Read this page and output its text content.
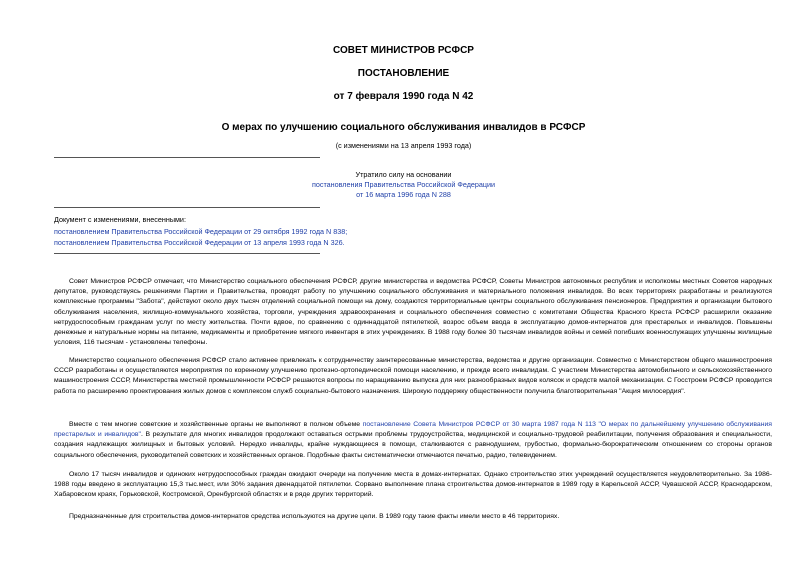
СОВЕТ МИНИСТРОВ РСФСР
ПОСТАНОВЛЕНИЕ
от 7 февраля 1990 года N 42
О мерах по улучшению социального обслуживания инвалидов в РСФСР
(с изменениями на 13 апреля 1993 года)
Утратило силу на основании
постановления Правительства Российской Федерации
от 16 марта 1996 года N 288
Документ с изменениями, внесенными:
постановлением Правительства Российской Федерации от 29 октября 1992 года N 838;
постановлением Правительства Российской Федерации от 13 апреля 1993 года N 326.

Совет Министров РСФСР отмечает, что Министерство социального обеспечения РСФСР, другие министерства и ведомства РСФСР, Советы Министров автономных республик и исполкомы местных Советов народных депутатов, руководствуясь решениями Партии и Правительства, проводят работу по улучшению социального обслуживания и материального положения инвалидов. Во всех территориях разработаны и реализуются комплексные программы "Забота", действуют около двух тысяч отделений социальной помощи на дому, создаются территориальные центры социального обслуживания пенсионеров. Предприятия и организации бытового обслуживания населения, жилищно-коммунального хозяйства, торговли, учреждения здравоохранения и социального обеспечения совместно с комитетами Общества Красного Креста РСФСР расширили оказание нетрудоспособным гражданам услуг по месту жительства. Почти вдвое, по сравнению с одиннадцатой пятилеткой, возрос объем ввода в эксплуатацию домов-интернатов для престарелых и инвалидов. Повышены денежные и натуральные нормы на питание, медикаменты и приобретение мягкого инвентаря в этих учреждениях. В 1988 году более 30 тысячам инвалидов войны и семей погибших военнослужащих улучшены жилищные условия, 116 тысячам - установлены телефоны.

Министерство социального обеспечения РСФСР стало активнее привлекать к сотрудничеству заинтересованные министерства, ведомства и другие организации. Совместно с Министерством общего машиностроения СССР разработаны и осуществляются мероприятия по коренному улучшению протезно-ортопедической помощи населению, и прежде всего инвалидам. С участием Министерства автомобильного и сельскохозяйственного машиностроения СССР, Министерства местной промышленности РСФСР решаются вопросы по наращиванию выпуска для них разнообразных видов колясок и средств малой механизации. С Госстроем РСФСР проводится работа по расширению проектирования жилых домов с комплексом служб социально-бытового назначения. Широкую поддержку общественности получила благотворительная "Акция милосердия".

Вместе с тем многие советские и хозяйственные органы не выполняют в полном объеме постановление Совета Министров РСФСР от 30 марта 1987 года N 113 "О мерах по дальнейшему улучшению обслуживания престарелых и инвалидов". В результате для многих инвалидов продолжают оставаться острыми проблемы трудоустройства, медицинской и социально-трудовой реабилитации, получения образования и специальности, создания надлежащих жилищных и бытовых условий. Нередко инвалиды, крайне нуждающиеся в помощи, сталкиваются с равнодушием, грубостью, формально-бюрократическим отношением со стороны органов социального обеспечения, руководителей советских и хозяйственных органов. Подобные факты систематически отмечаются печатью, радио, телевидением.

Около 17 тысяч инвалидов и одиноких нетрудоспособных граждан ожидают очереди на получение места в домах-интернатах. Однако строительство этих учреждений осуществляется неудовлетворительно. За 1986-1988 годы введено в эксплуатацию 15,3 тыс.мест, или 30% задания двенадцатой пятилетки. Сорвано выполнение плана строительства домов-интернатов в 1989 году в Карельской АССР, Чувашской АССР, Краснодарском, Хабаровском краях, Горьковской, Костромской, Оренбургской областях и в ряде других территорий.

Предназначенные для строительства домов-интернатов средства используются на другие цели. В 1989 году такие факты имели место в 46 территориях.
